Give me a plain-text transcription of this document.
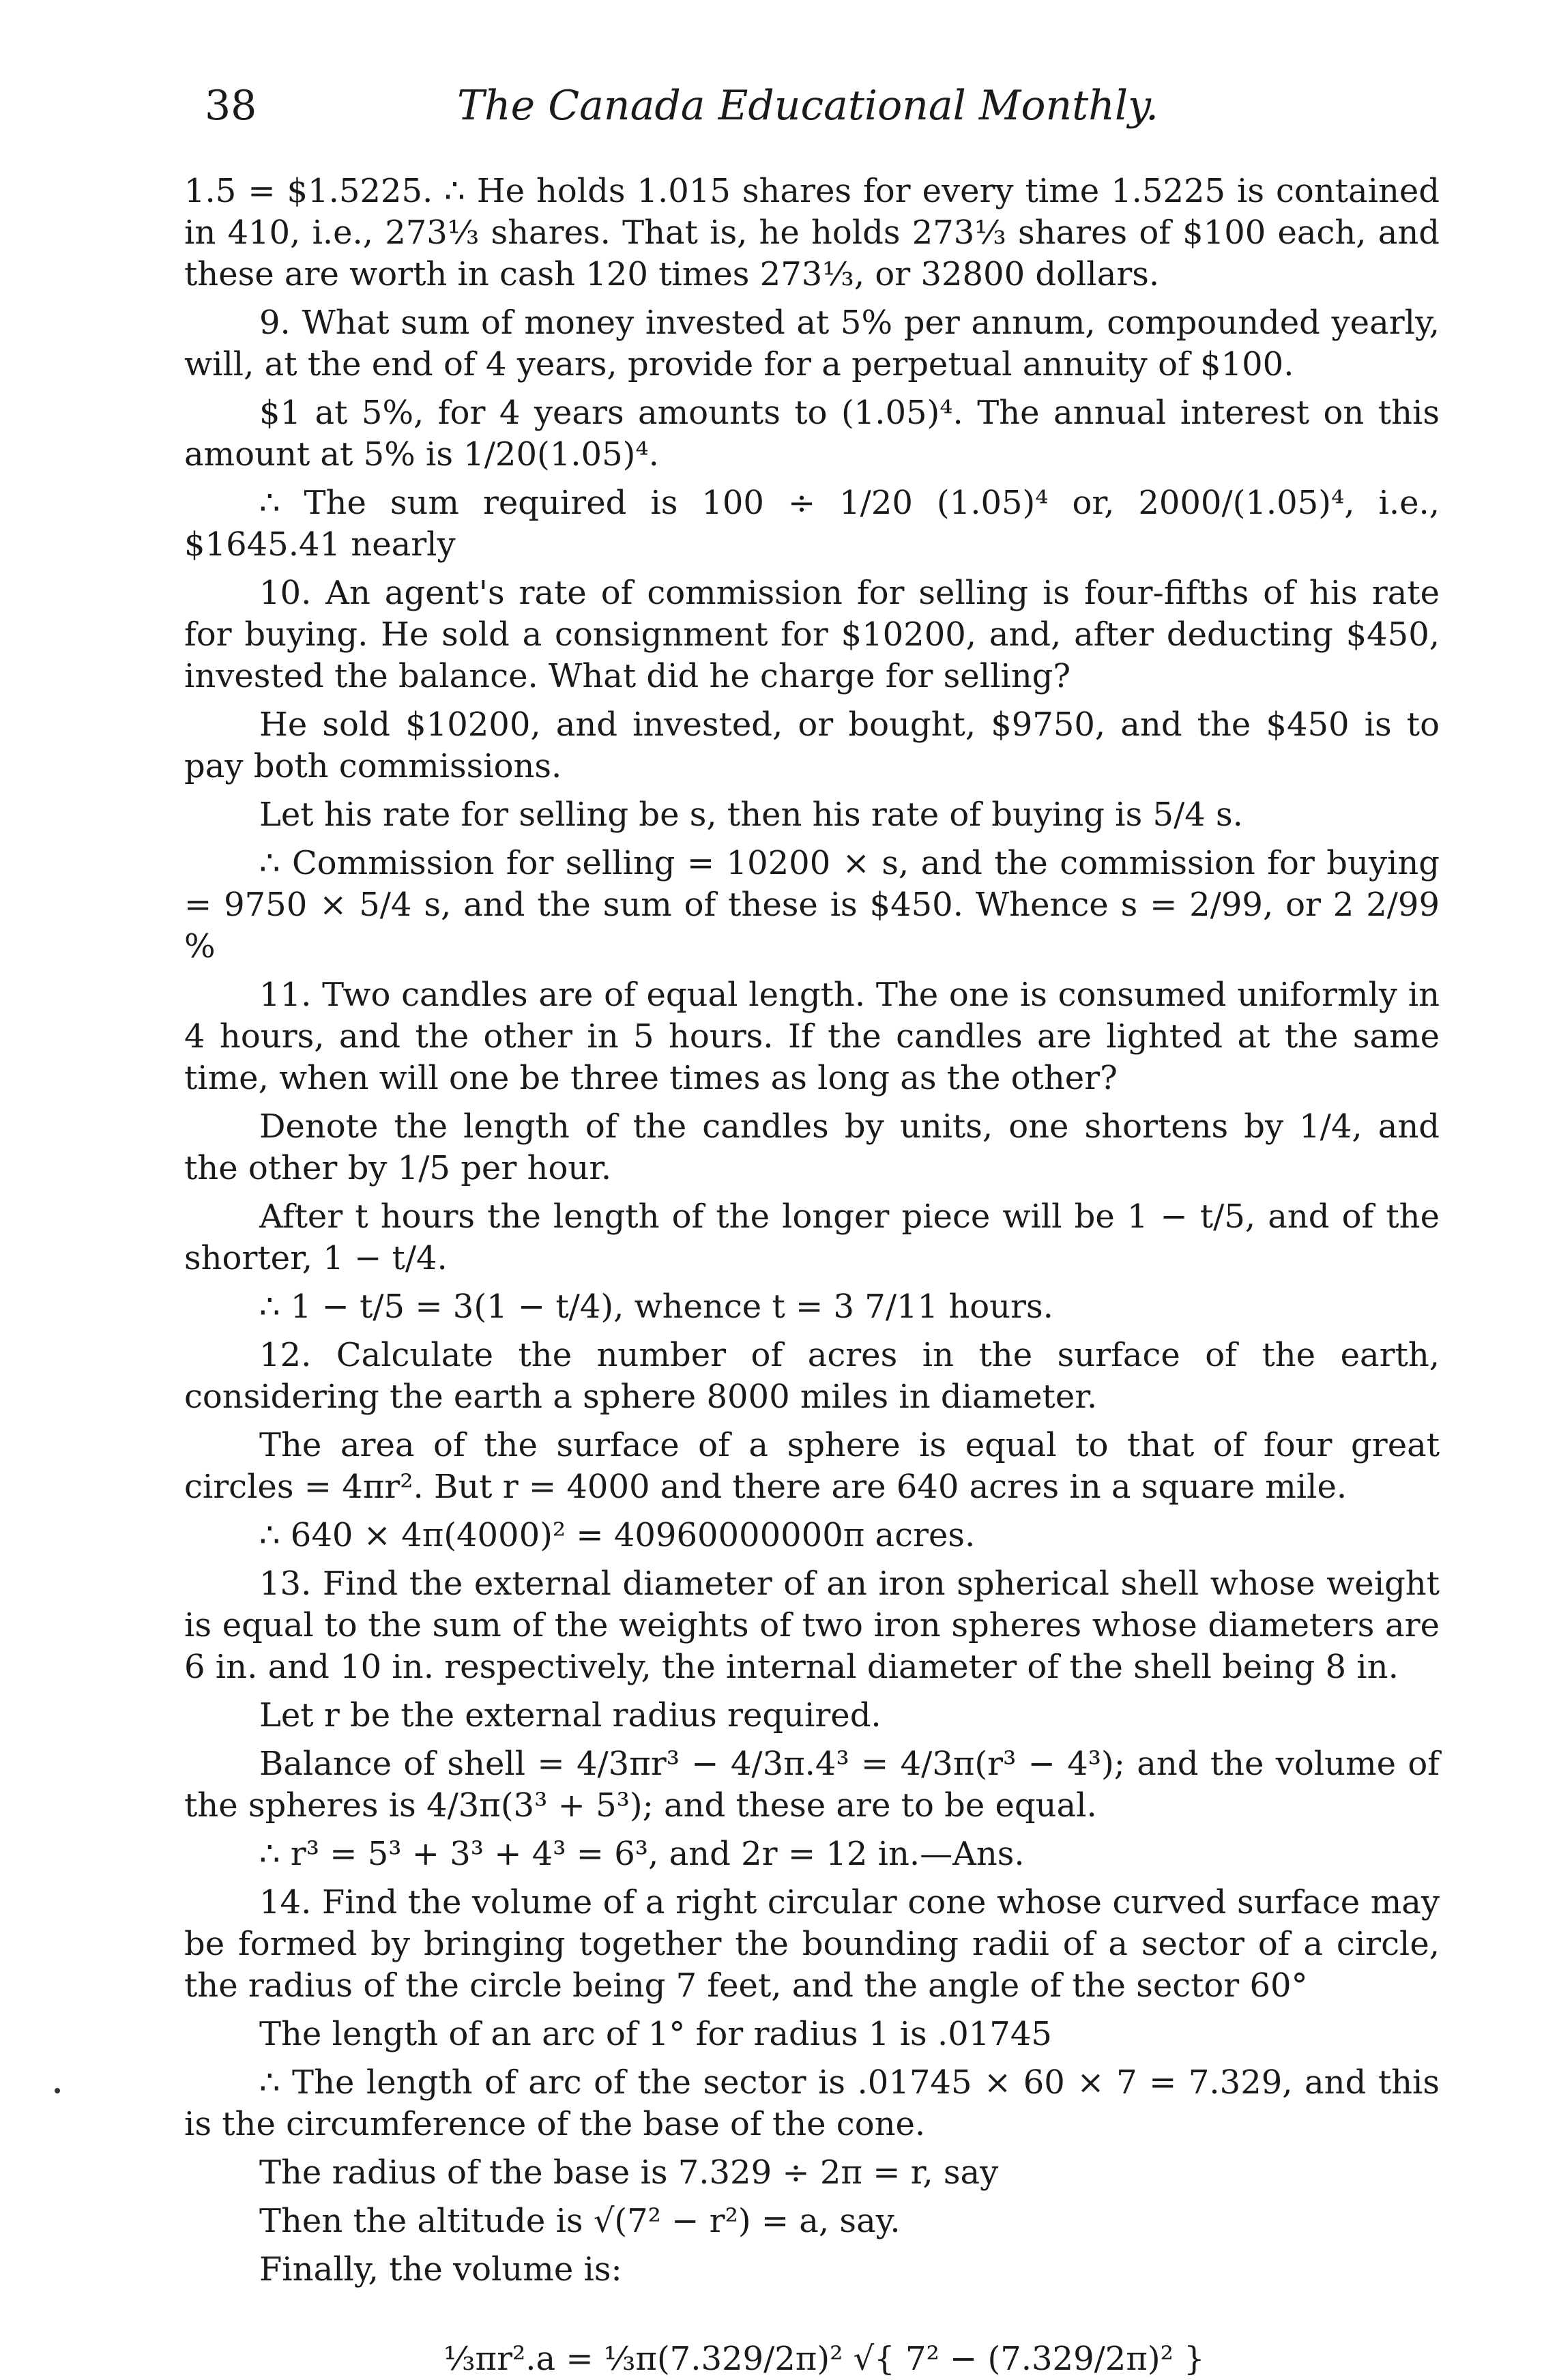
38	The Canada Educational Monthly.

1.5 = $1.5225. ∴ He holds 1.015 shares for every time 1.5225 is contained in 410, i.e., 273⅓ shares. That is, he holds 273⅓ shares of $100 each, and these are worth in cash 120 times 273⅓, or 32800 dollars.

9. What sum of money invested at 5% per annum, compounded yearly, will, at the end of 4 years, provide for a perpetual annuity of $100.

$1 at 5%, for 4 years amounts to (1.05)⁴. The annual interest on this amount at 5% is 1/20(1.05)⁴.

∴ The sum required is 100 ÷ 1/20 (1.05)⁴ or, 2000/(1.05)⁴, i.e., $1645.41 nearly

10. An agent's rate of commission for selling is four-fifths of his rate for buying. He sold a consignment for $10200, and, after deducting $450, invested the balance. What did he charge for selling?

He sold $10200, and invested, or bought, $9750, and the $450 is to pay both commissions.

Let his rate for selling be s, then his rate of buying is 5/4 s.

∴ Commission for selling = 10200 × s, and the commission for buying = 9750 × 5/4 s, and the sum of these is $450. Whence s = 2/99, or 2 2/99 %

11. Two candles are of equal length. The one is consumed uniformly in 4 hours, and the other in 5 hours. If the candles are lighted at the same time, when will one be three times as long as the other?

Denote the length of the candles by units, one shortens by 1/4, and the other by 1/5 per hour.

After t hours the length of the longer piece will be 1 − t/5, and of the shorter, 1 − t/4.

∴ 1 − t/5 = 3(1 − t/4), whence t = 3 7/11 hours.

12. Calculate the number of acres in the surface of the earth, considering the earth a sphere 8000 miles in diameter.

The area of the surface of a sphere is equal to that of four great circles = 4πr². But r = 4000 and there are 640 acres in a square mile.

∴ 640 × 4π(4000)² = 40960000000π acres.

13. Find the external diameter of an iron spherical shell whose weight is equal to the sum of the weights of two iron spheres whose diameters are 6 in. and 10 in. respectively, the internal diameter of the shell being 8 in.

Let r be the external radius required.

Balance of shell = 4/3πr³ − 4/3π.4³ = 4/3π(r³ − 4³); and the volume of the spheres is 4/3π(3³ + 5³); and these are to be equal.

∴ r³ = 5³ + 3³ + 4³ = 6³, and 2r = 12 in.—Ans.

14. Find the volume of a right circular cone whose curved surface may be formed by bringing together the bounding radii of a sector of a circle, the radius of the circle being 7 feet, and the angle of the sector 60°

The length of an arc of 1° for radius 1 is .01745

∴ The length of arc of the sector is .01745 × 60 × 7 = 7.329, and this is the circumference of the base of the cone.

The radius of the base is 7.329 ÷ 2π = r, say

Then the altitude is √(7² − r²) = a, say.

Finally, the volume is:

⅓πr².a = ⅓π(7.329/2π)² √{ 7² − (7.329/2π)² }
